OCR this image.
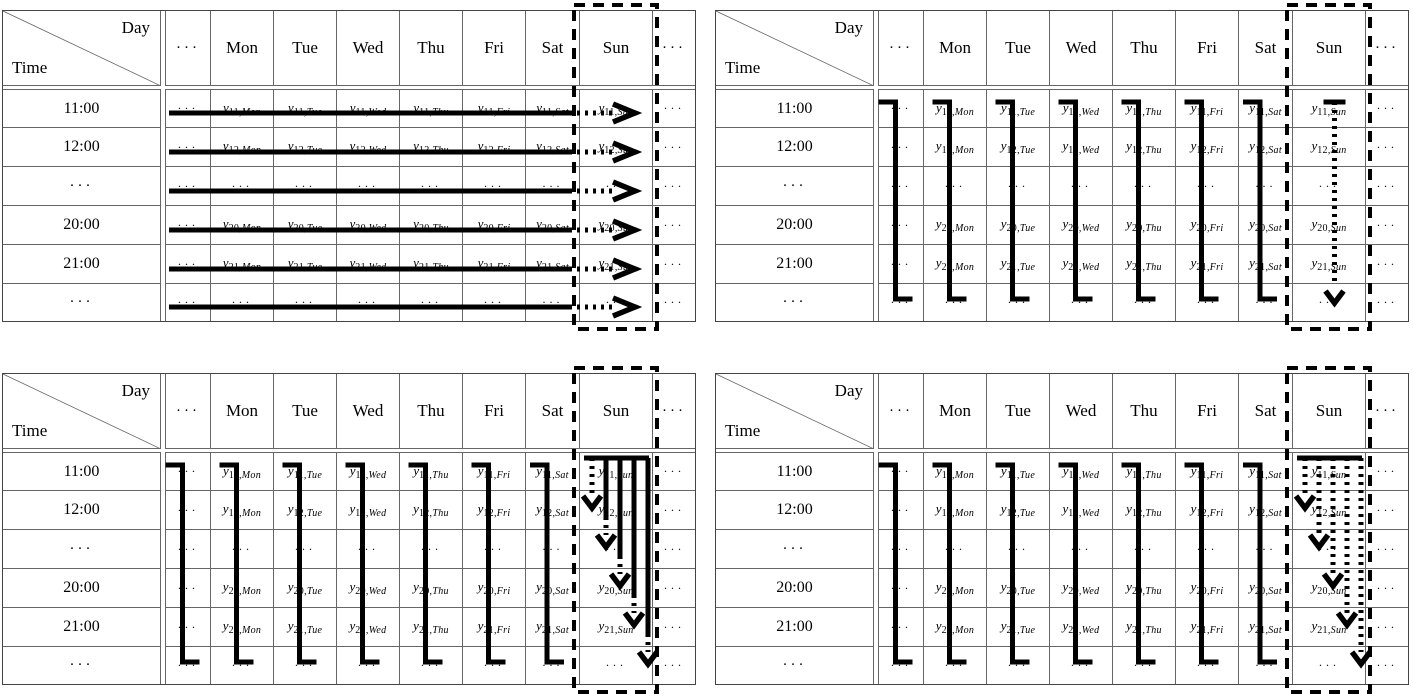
Day
Time
··· Mon Tue Wed Thu Fri Sat Sun ···
11:00	··· $y_{11,Mon}$ $y_{11,Tue}$ $y_{11,Wed}$ $y_{11,Thu}$ $y_{11,Fri}$ $y_{11,Sat}$ $y_{11,Sun}$	···
12:00	··· $y_{12,Mon}$ $y_{12,Tue}$ $y_{12,Wed}$ $y_{12,Thu}$ $y_{12,Fri}$ $y_{12,Sat}$ $y_{12,Sun}$ ···
···	···	···	···	···	···	···	···	···	···
20:00	··· $y_{20,Mon}$ $y_{20,Tue}$ $y_{20,Wed}$ $y_{20,Thu}$ $y_{20,Fri}$ $y_{20,Sat}$ $y_{20,Sun}$ ···
21:00	··· $y_{21,Mon}$ $y_{21,Tue}$ $y_{21,Wed}$ $y_{21,Thu}$ $y_{21,Fri}$ $y_{21,Sat}$ $y_{21,Sun}$ ···
···	···	···	···	···	···	···	···	···	···
Day
Time
··· Mon Tue Wed Thu Fri Sat Sun ···
11:00	··· $y_{11,Mon}$ $y_{11,Tue}$ $y_{11,Wed}$ $y_{11,Thu}$ $y_{11,Fri}$ $y_{11,Sat}$ $y_{11,Sun}$	···
12:00	··· $y_{12,Mon}$ $y_{12,Tue}$ $y_{12,Wed}$ $y_{12,Thu}$ $y_{12,Fri}$ $y_{12,Sat}$ $y_{12,Sun}$ ···
···	···	···	···	···	···	···	···	···	···
20:00	··· $y_{20,Mon}$ $y_{20,Tue}$ $y_{20,Wed}$ $y_{20,Thu}$ $y_{20,Fri}$ $y_{20,Sat}$ $y_{20,Sun}$ ···
21:00	··· $y_{21,Mon}$ $y_{21,Tue}$ $y_{21,Wed}$ $y_{21,Thu}$ $y_{21,Fri}$ $y_{21,Sat}$ $y_{21,Sun}$ ···
···	···	···	···	···	···	···	···	···	···
Day
Time
··· Mon Tue Wed Thu Fri Sat Sun ···
11:00	··· $y_{11,Mon}$ $y_{11,Tue}$ $y_{11,Wed}$ $y_{11,Thu}$ $y_{11,Fri}$ $y_{11,Sat}$ $y_{11,Sun}$	···
12:00	··· $y_{12,Mon}$ $y_{12,Tue}$ $y_{12,Wed}$ $y_{12,Thu}$ $y_{12,Fri}$ $y_{12,Sat}$ $y_{12,Sun}$ ···
···	···	···	···	···	···	···	···	···	···
20:00	··· $y_{20,Mon}$ $y_{20,Tue}$ $y_{20,Wed}$ $y_{20,Thu}$ $y_{20,Fri}$ $y_{20,Sat}$ $y_{20,Sun}$ ···
21:00	··· $y_{21,Mon}$ $y_{21,Tue}$ $y_{21,Wed}$ $y_{21,Thu}$ $y_{21,Fri}$ $y_{21,Sat}$ $y_{21,Sun}$ ···
···	···	···	···	···	···	···	···	···	···
Day
Time
··· Mon Tue Wed Thu Fri Sat Sun ···
11:00	··· $y_{11,Mon}$ $y_{11,Tue}$ $y_{11,Wed}$ $y_{11,Thu}$ $y_{11,Fri}$ $y_{11,Sat}$ $y_{11,Sun}$	···
12:00	··· $y_{12,Mon}$ $y_{12,Tue}$ $y_{12,Wed}$ $y_{12,Thu}$ $y_{12,Fri}$ $y_{12,Sat}$ $y_{12,Sun}$ ···
···	···	···	···	···	···	···	···	···	···
20:00	··· $y_{20,Mon}$ $y_{20,Tue}$ $y_{20,Wed}$ $y_{20,Thu}$ $y_{20,Fri}$ $y_{20,Sat}$ $y_{20,Sun}$ ···
21:00	··· $y_{21,Mon}$ $y_{21,Tue}$ $y_{21,Wed}$ $y_{21,Thu}$ $y_{21,Fri}$ $y_{21,Sat}$ $y_{21,Sun}$ ···
···	···	···	···	···	···	···	···	···	···
